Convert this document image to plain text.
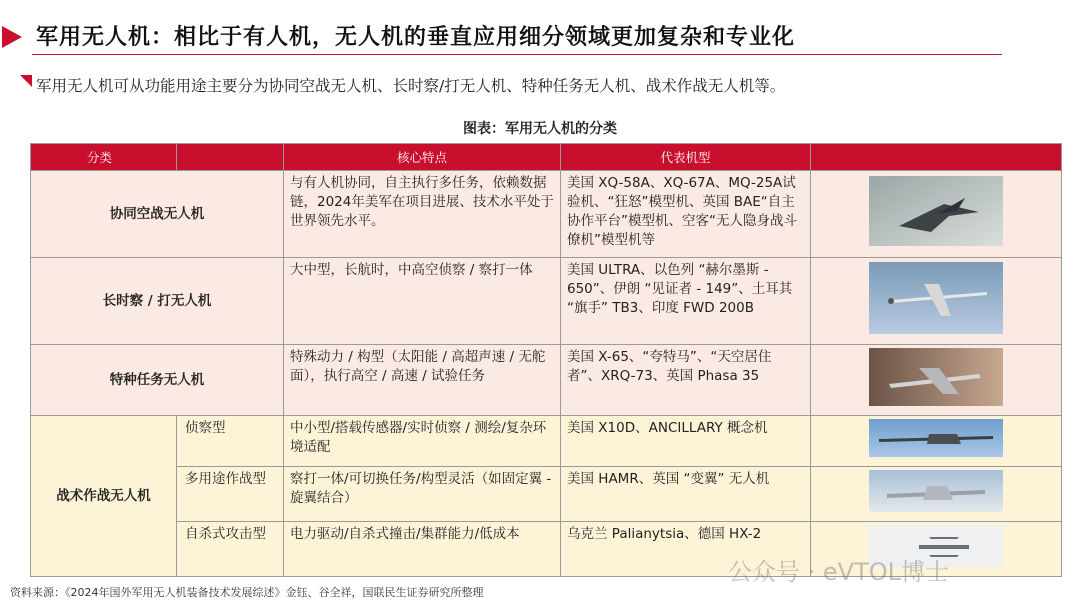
军用无人机：相比于有人机，无人机的垂直应用细分领域更加复杂和专业化
军用无人机可从功能用途主要分为协同空战无人机、长时察/打无人机、特种任务无人机、战术作战无人机等。
图表：军用无人机的分类
分类		核心特点	代表机型	
协同空战无人机		与有人机协同，自主执行多任务，依赖数据链，2024年美军在项目进展、技术水平处于世界领先水平。	美国 XQ-58A、XQ-67A、MQ-25A试验机、“狂怒”模型机、英国 BAE“自主协作平台”模型机、空客“无人隐身战斗僚机”模型机等	
长时察 / 打无人机		大中型，长航时，中高空侦察 / 察打一体	美国 ULTRA、以色列 “赫尔墨斯 - 650”、伊朗 “见证者 - 149”、土耳其 “旗手” TB3、印度 FWD 200B	
特种任务无人机		特殊动力 / 构型（太阳能 / 高超声速 / 无舵面），执行高空 / 高速 / 试验任务	美国 X-65、“夸特马”、“天空居住者”、XRQ-73、英国 Phasa 35	
战术作战无人机	侦察型	中小型/搭载传感器/实时侦察 / 测绘/复杂环境适配	美国 X10D、ANCILLARY 概念机	
	多用途作战型	察打一体/可切换任务/构型灵活（如固定翼 - 旋翼结合）	美国 HAMR、英国 “变翼” 无人机	
	自杀式攻击型	电力驱动/自杀式撞击/集群能力/低成本	乌克兰 Palianytsia、德国 HX-2	
资料来源：《2024年国外军用无人机装备技术发展综述》金钰、谷全祥，国联民生证券研究所整理
公众号 · eVTOL博士
